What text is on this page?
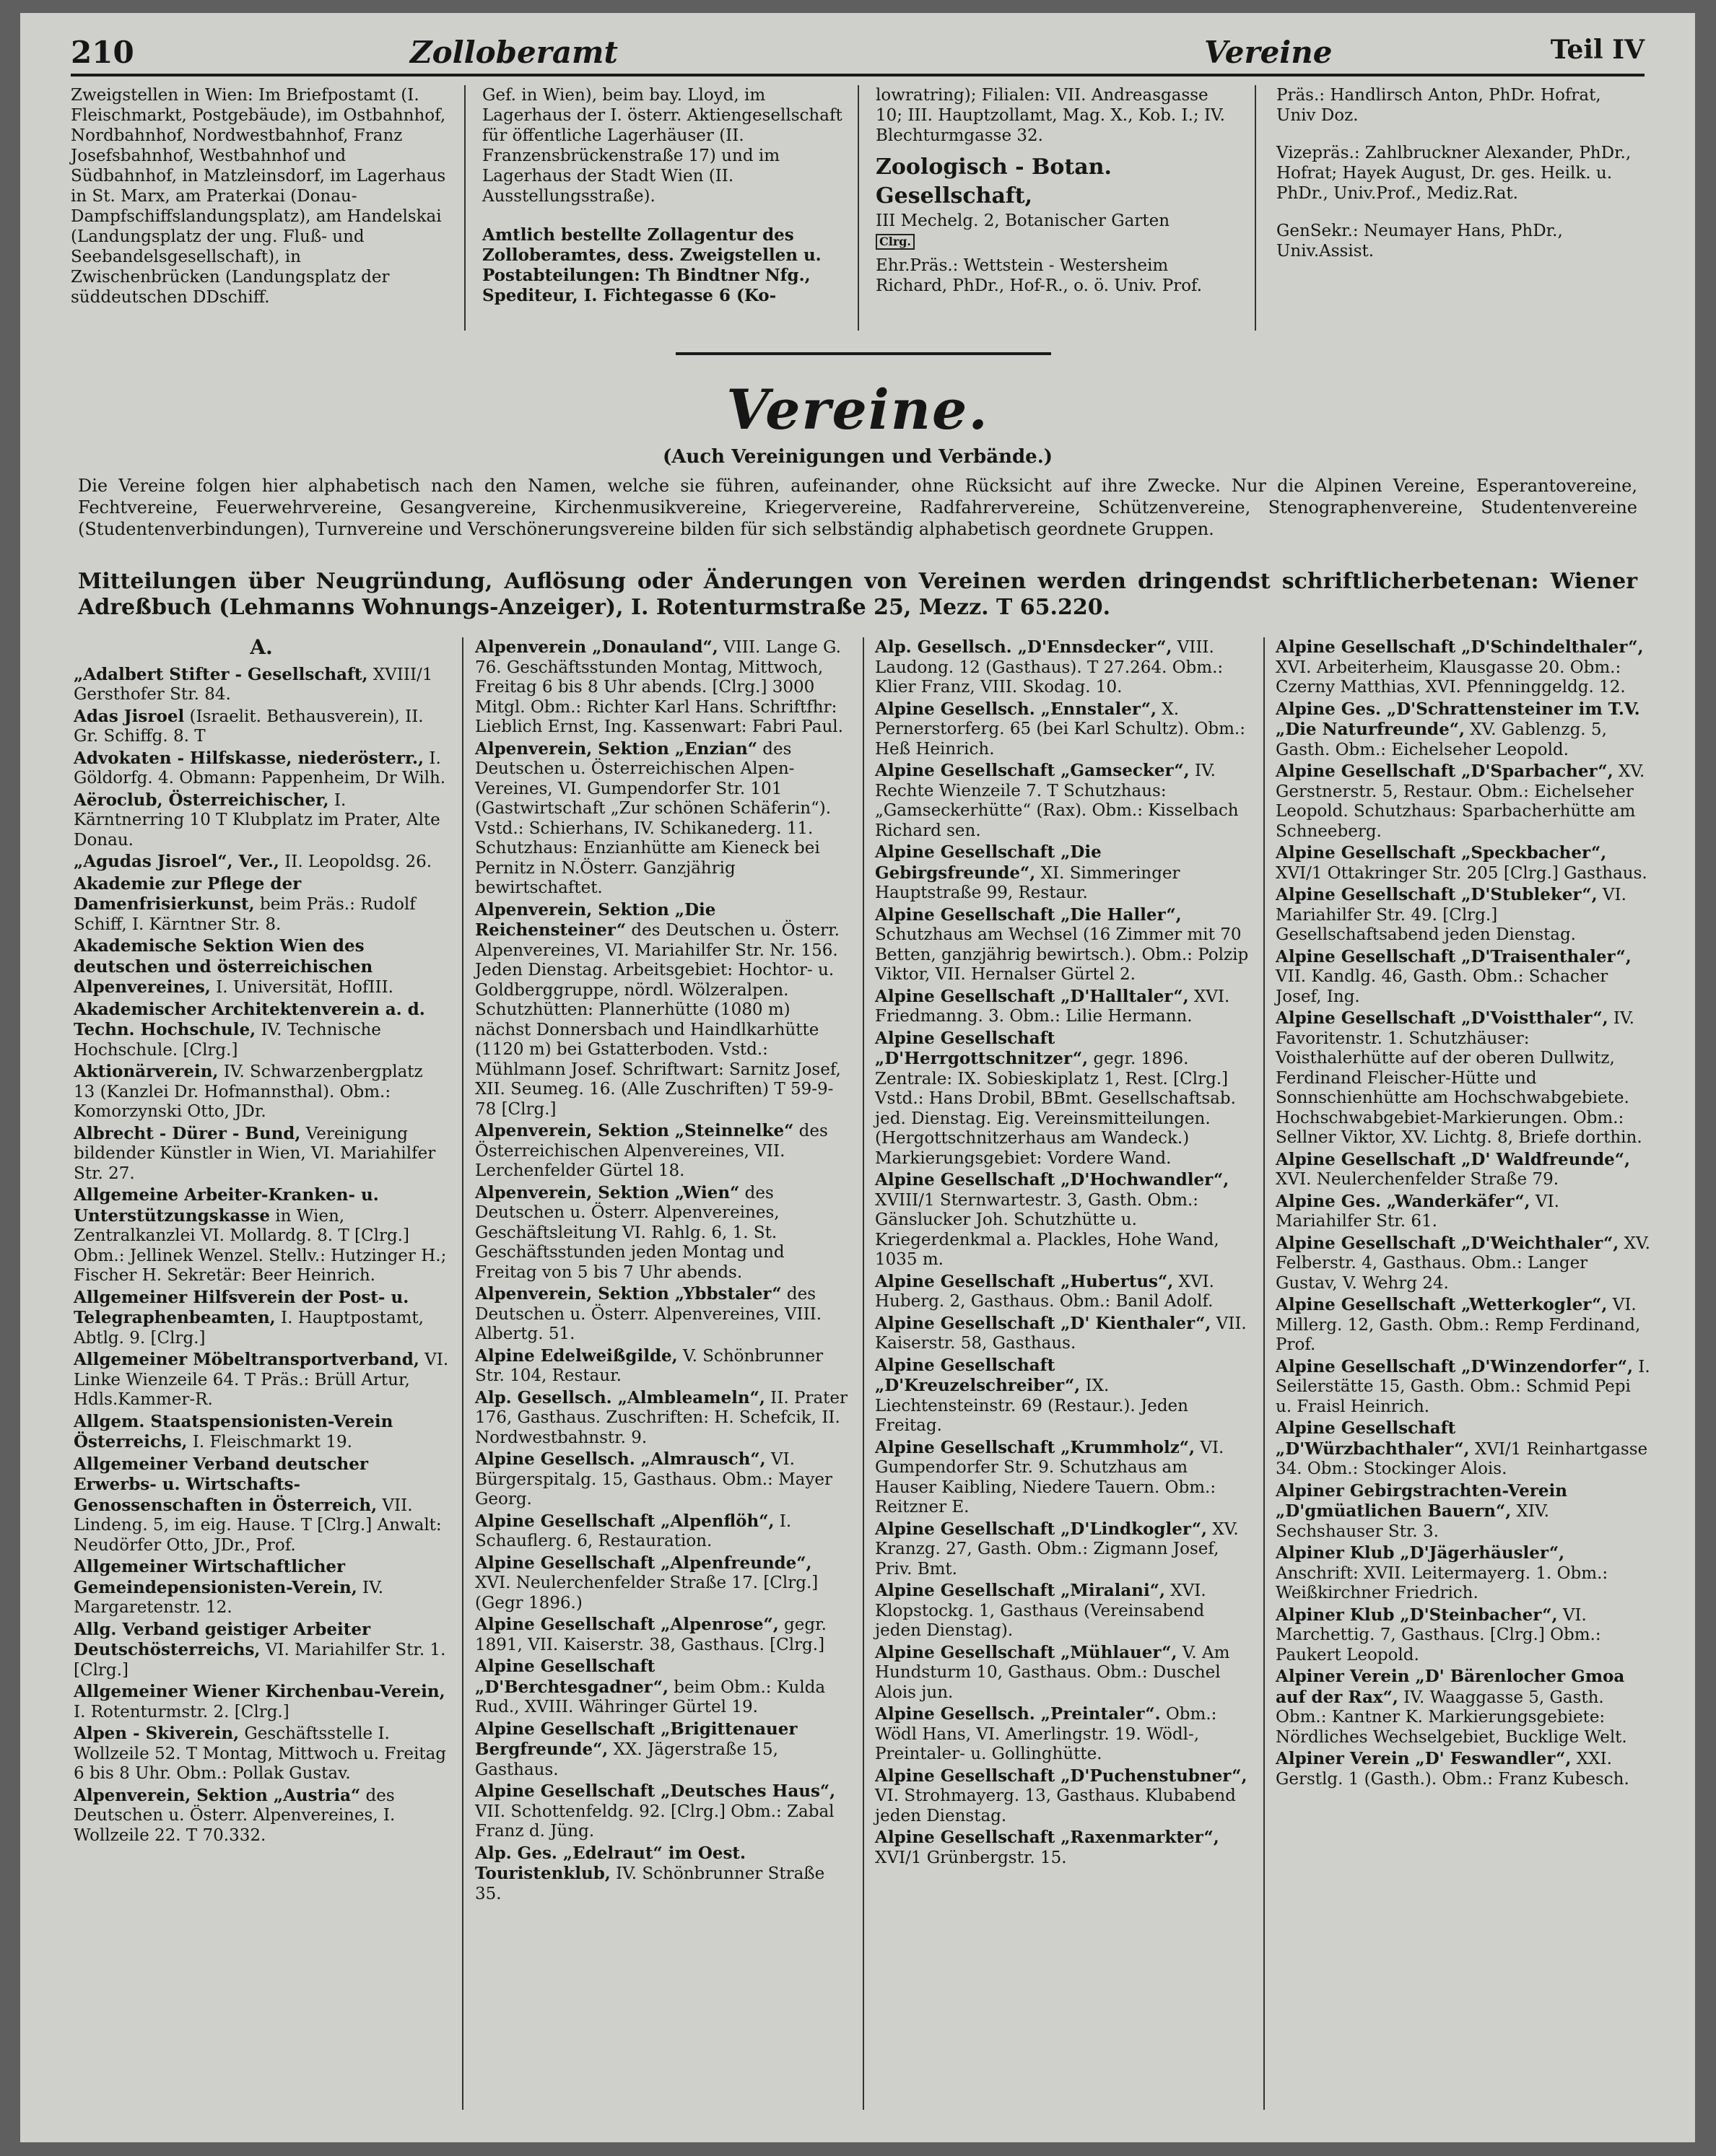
210	Zolloberamt	Vereine	Teil IV
Zweigstellen in Wien: Im Briefpostamt (I. Fleischmarkt, Postgebäude), im Ostbahnhof, Nordbahnhof, Nordwestbahnhof, Franz Josefsbahnhof, Westbahnhof und Südbahnhof, in Matzleinsdorf, im Lagerhaus in St. Marx, am Praterkai (Donau-Dampfschiffslandungsplatz), am Handelskai (Landungsplatz der ung. Fluß- und Seebandelsgesellschaft), in Zwischenbrücken (Landungsplatz der süddeutschen DDschiff.
Gef. in Wien), beim bay. Lloyd, im Lagerhaus der I. österr. Aktiengesellschaft für öffentliche Lagerhäuser (II. Franzensbrückenstraße 17) und im Lagerhaus der Stadt Wien (II. Ausstellungsstraße).
Amtlich bestellte Zollagentur des Zolloberamtes, dess. Zweigstellen u. Postabteilungen: Th Bindtner Nfg., Spediteur, I. Fichtegasse 6 (Ko-
lowratring); Filialen: VII. Andreasgasse 10; III. Hauptzollamt, Mag. X., Kob. I.; IV. Blechturmgasse 32.
Zoologisch - Botan. Gesellschaft,
III Mechelg. 2, Botanischer Garten
Clrg.
Ehr.Präs.: Wettstein - Westersheim Richard, PhDr., Hof-R., o. ö. Univ. Prof.
Präs.: Handlirsch Anton, PhDr. Hofrat, Univ Doz.
Vizepräs.: Zahlbruckner Alexander, PhDr., Hofrat; Hayek August, Dr. ges. Heilk. u. PhDr., Univ.Prof., Mediz.Rat.
GenSekr.: Neumayer Hans, PhDr., Univ.Assist.
Vereine.
(Auch Vereinigungen und Verbände.)
Die Vereine folgen hier alphabetisch nach den Namen, welche sie führen, aufeinander, ohne Rücksicht auf ihre Zwecke. Nur die Alpinen Vereine, Esperantovereine, Fechtvereine, Feuerwehrvereine, Gesangvereine, Kirchenmusikvereine, Kriegervereine, Radfahrervereine, Schützenvereine, Stenographenvereine, Studentenvereine (Studentenverbindungen), Turnvereine und Verschönerungsvereine bilden für sich selbständig alphabetisch geordnete Gruppen.
Mitteilungen über Neugründung, Auflösung oder Änderungen von Vereinen werden dringendst schriftlicherbetenan: Wiener Adreßbuch (Lehmanns Wohnungs-Anzeiger), I. Rotenturmstraße 25, Mezz. T 65.220.
A.
„Adalbert Stifter - Gesellschaft, XVIII/1 Gersthofer Str. 84.
Adas Jisroel (Israelit. Bethausverein), II. Gr. Schiffg. 8. T
Advokaten - Hilfskasse, niederösterr., I. Göldorfg. 4. Obmann: Pappenheim, Dr Wilh.
Aëroclub, Österreichischer, I. Kärntnerring 10 T Klubplatz im Prater, Alte Donau.
„Agudas Jisroel“, Ver., II. Leopoldsg. 26.
Akademie zur Pflege der Damenfrisierkunst, beim Präs.: Rudolf Schiff, I. Kärntner Str. 8.
Akademische Sektion Wien des deutschen und österreichischen Alpenvereines, I. Universität, HofIII.
Akademischer Architektenverein a. d. Techn. Hochschule, IV. Technische Hochschule. [Clrg.]
Aktionärverein, IV. Schwarzenbergplatz 13 (Kanzlei Dr. Hofmannsthal). Obm.: Komorzynski Otto, JDr.
Albrecht - Dürer - Bund, Vereinigung bildender Künstler in Wien, VI. Mariahilfer Str. 27.
Allgemeine Arbeiter-Kranken- u. Unterstützungskasse in Wien, Zentralkanzlei VI. Mollardg. 8. T [Clrg.] Obm.: Jellinek Wenzel. Stellv.: Hutzinger H.; Fischer H. Sekretär: Beer Heinrich.
Allgemeiner Hilfsverein der Post- u. Telegraphenbeamten, I. Hauptpostamt, Abtlg. 9. [Clrg.]
Allgemeiner Möbeltransportverband, VI. Linke Wienzeile 64. T Präs.: Brüll Artur, Hdls.Kammer-R.
Allgem. Staatspensionisten-Verein Österreichs, I. Fleischmarkt 19.
Allgemeiner Verband deutscher Erwerbs- u. Wirtschafts-Genossenschaften in Österreich, VII. Lindeng. 5, im eig. Hause. T [Clrg.] Anwalt: Neudörfer Otto, JDr., Prof.
Allgemeiner Wirtschaftlicher Gemeindepensionisten-Verein, IV. Margaretenstr. 12.
Allg. Verband geistiger Arbeiter Deutschösterreichs, VI. Mariahilfer Str. 1. [Clrg.]
Allgemeiner Wiener Kirchenbau-Verein, I. Rotenturmstr. 2. [Clrg.]
Alpen - Skiverein, Geschäftsstelle I. Wollzeile 52. T Montag, Mittwoch u. Freitag 6 bis 8 Uhr. Obm.: Pollak Gustav.
Alpenverein, Sektion „Austria“ des Deutschen u. Österr. Alpenvereines, I. Wollzeile 22. T 70.332.
Alpenverein „Donauland“, VIII. Lange G. 76. Geschäftsstunden Montag, Mittwoch, Freitag 6 bis 8 Uhr abends. [Clrg.] 3000 Mitgl. Obm.: Richter Karl Hans. Schriftfhr: Lieblich Ernst, Ing. Kassenwart: Fabri Paul.
Alpenverein, Sektion „Enzian“ des Deutschen u. Österreichischen Alpen-Vereines, VI. Gumpendorfer Str. 101 (Gastwirtschaft „Zur schönen Schäferin“). Vstd.: Schierhans, IV. Schikanederg. 11. Schutzhaus: Enzianhütte am Kieneck bei Pernitz in N.Österr. Ganzjährig bewirtschaftet.
Alpenverein, Sektion „Die Reichensteiner“ des Deutschen u. Österr. Alpenvereines, VI. Mariahilfer Str. Nr. 156. Jeden Dienstag. Arbeitsgebiet: Hochtor- u. Goldberggruppe, nördl. Wölzeralpen. Schutzhütten: Plannerhütte (1080 m) nächst Donnersbach und Haindlkarhütte (1120 m) bei Gstatterboden. Vstd.: Mühlmann Josef. Schriftwart: Sarnitz Josef, XII. Seumeg. 16. (Alle Zuschriften) T 59-9-78 [Clrg.]
Alpenverein, Sektion „Steinnelke“ des Österreichischen Alpenvereines, VII. Lerchenfelder Gürtel 18.
Alpenverein, Sektion „Wien“ des Deutschen u. Österr. Alpenvereines, Geschäftsleitung VI. Rahlg. 6, 1. St. Geschäftsstunden jeden Montag und Freitag von 5 bis 7 Uhr abends.
Alpenverein, Sektion „Ybbstaler“ des Deutschen u. Österr. Alpenvereines, VIII. Albertg. 51.
Alpine Edelweißgilde, V. Schönbrunner Str. 104, Restaur.
Alp. Gesellsch. „Almbleameln“, II. Prater 176, Gasthaus. Zuschriften: H. Schefcik, II. Nordwestbahnstr. 9.
Alpine Gesellsch. „Almrausch“, VI. Bürgerspitalg. 15, Gasthaus. Obm.: Mayer Georg.
Alpine Gesellschaft „Alpenflöh“, I. Schauflerg. 6, Restauration.
Alpine Gesellschaft „Alpenfreunde“, XVI. Neulerchenfelder Straße 17. [Clrg.] (Gegr 1896.)
Alpine Gesellschaft „Alpenrose“, gegr. 1891, VII. Kaiserstr. 38, Gasthaus. [Clrg.]
Alpine Gesellschaft „D'Berchtesgadner“, beim Obm.: Kulda Rud., XVIII. Währinger Gürtel 19.
Alpine Gesellschaft „Brigittenauer Bergfreunde“, XX. Jägerstraße 15, Gasthaus.
Alpine Gesellschaft „Deutsches Haus“, VII. Schottenfeldg. 92. [Clrg.] Obm.: Zabal Franz d. Jüng.
Alp. Ges. „Edelraut“ im Oest. Touristenklub, IV. Schönbrunner Straße 35.
Alp. Gesellsch. „D'Ennsdecker“, VIII. Laudong. 12 (Gasthaus). T 27.264. Obm.: Klier Franz, VIII. Skodag. 10.
Alpine Gesellsch. „Ennstaler“, X. Pernerstorferg. 65 (bei Karl Schultz). Obm.: Heß Heinrich.
Alpine Gesellschaft „Gamsecker“, IV. Rechte Wienzeile 7. T Schutzhaus: „Gamseckerhütte“ (Rax). Obm.: Kisselbach Richard sen.
Alpine Gesellschaft „Die Gebirgsfreunde“, XI. Simmeringer Hauptstraße 99, Restaur.
Alpine Gesellschaft „Die Haller“, Schutzhaus am Wechsel (16 Zimmer mit 70 Betten, ganzjährig bewirtsch.). Obm.: Polzip Viktor, VII. Hernalser Gürtel 2.
Alpine Gesellschaft „D'Halltaler“, XVI. Friedmanng. 3. Obm.: Lilie Hermann.
Alpine Gesellschaft „D'Herrgottschnitzer“, gegr. 1896. Zentrale: IX. Sobieskiplatz 1, Rest. [Clrg.] Vstd.: Hans Drobil, BBmt. Gesellschaftsab. jed. Dienstag. Eig. Vereinsmitteilungen. (Hergottschnitzerhaus am Wandeck.) Markierungsgebiet: Vordere Wand.
Alpine Gesellschaft „D'Hochwandler“, XVIII/1 Sternwartestr. 3, Gasth. Obm.: Gänslucker Joh. Schutzhütte u. Kriegerdenkmal a. Plackles, Hohe Wand, 1035 m.
Alpine Gesellschaft „Hubertus“, XVI. Huberg. 2, Gasthaus. Obm.: Banil Adolf.
Alpine Gesellschaft „D' Kienthaler“, VII. Kaiserstr. 58, Gasthaus.
Alpine Gesellschaft „D'Kreuzelschreiber“, IX. Liechtensteinstr. 69 (Restaur.). Jeden Freitag.
Alpine Gesellschaft „Krummholz“, VI. Gumpendorfer Str. 9. Schutzhaus am Hauser Kaibling, Niedere Tauern. Obm.: Reitzner E.
Alpine Gesellschaft „D'Lindkogler“, XV. Kranzg. 27, Gasth. Obm.: Zigmann Josef, Priv. Bmt.
Alpine Gesellschaft „Miralani“, XVI. Klopstockg. 1, Gasthaus (Vereinsabend jeden Dienstag).
Alpine Gesellschaft „Mühlauer“, V. Am Hundsturm 10, Gasthaus. Obm.: Duschel Alois jun.
Alpine Gesellsch. „Preintaler“. Obm.: Wödl Hans, VI. Amerlingstr. 19. Wödl-, Preintaler- u. Gollinghütte.
Alpine Gesellschaft „D'Puchenstubner“, VI. Strohmayerg. 13, Gasthaus. Klubabend jeden Dienstag.
Alpine Gesellschaft „Raxenmarkter“, XVI/1 Grünbergstr. 15.
Alpine Gesellschaft „D'Schindelthaler“, XVI. Arbeiterheim, Klausgasse 20. Obm.: Czerny Matthias, XVI. Pfenninggeldg. 12.
Alpine Ges. „D'Schrattensteiner im T.V. „Die Naturfreunde“, XV. Gablenzg. 5, Gasth. Obm.: Eichelseher Leopold.
Alpine Gesellschaft „D'Sparbacher“, XV. Gerstnerstr. 5, Restaur. Obm.: Eichelseher Leopold. Schutzhaus: Sparbacherhütte am Schneeberg.
Alpine Gesellschaft „Speckbacher“, XVI/1 Ottakringer Str. 205 [Clrg.] Gasthaus.
Alpine Gesellschaft „D'Stubleker“, VI. Mariahilfer Str. 49. [Clrg.] Gesellschaftsabend jeden Dienstag.
Alpine Gesellschaft „D'Traisenthaler“, VII. Kandlg. 46, Gasth. Obm.: Schacher Josef, Ing.
Alpine Gesellschaft „D'Voistthaler“, IV. Favoritenstr. 1. Schutzhäuser: Voisthalerhütte auf der oberen Dullwitz, Ferdinand Fleischer-Hütte und Sonnschienhütte am Hochschwabgebiete. Hochschwabgebiet-Markierungen. Obm.: Sellner Viktor, XV. Lichtg. 8, Briefe dorthin.
Alpine Gesellschaft „D' Waldfreunde“, XVI. Neulerchenfelder Straße 79.
Alpine Ges. „Wanderkäfer“, VI. Mariahilfer Str. 61.
Alpine Gesellschaft „D'Weichthaler“, XV. Felberstr. 4, Gasthaus. Obm.: Langer Gustav, V. Wehrg 24.
Alpine Gesellschaft „Wetterkogler“, VI. Millerg. 12, Gasth. Obm.: Remp Ferdinand, Prof.
Alpine Gesellschaft „D'Winzendorfer“, I. Seilerstätte 15, Gasth. Obm.: Schmid Pepi u. Fraisl Heinrich.
Alpine Gesellschaft „D'Würzbachthaler“, XVI/1 Reinhartgasse 34. Obm.: Stockinger Alois.
Alpiner Gebirgstrachten-Verein „D'gmüatlichen Bauern“, XIV. Sechshauser Str. 3.
Alpiner Klub „D'Jägerhäusler“, Anschrift: XVII. Leitermayerg. 1. Obm.: Weißkirchner Friedrich.
Alpiner Klub „D'Steinbacher“, VI. Marchettig. 7, Gasthaus. [Clrg.] Obm.: Paukert Leopold.
Alpiner Verein „D' Bärenlocher Gmoa auf der Rax“, IV. Waaggasse 5, Gasth. Obm.: Kantner K. Markierungsgebiete: Nördliches Wechselgebiet, Bucklige Welt.
Alpiner Verein „D' Feswandler“, XXI. Gerstlg. 1 (Gasth.). Obm.: Franz Kubesch.
